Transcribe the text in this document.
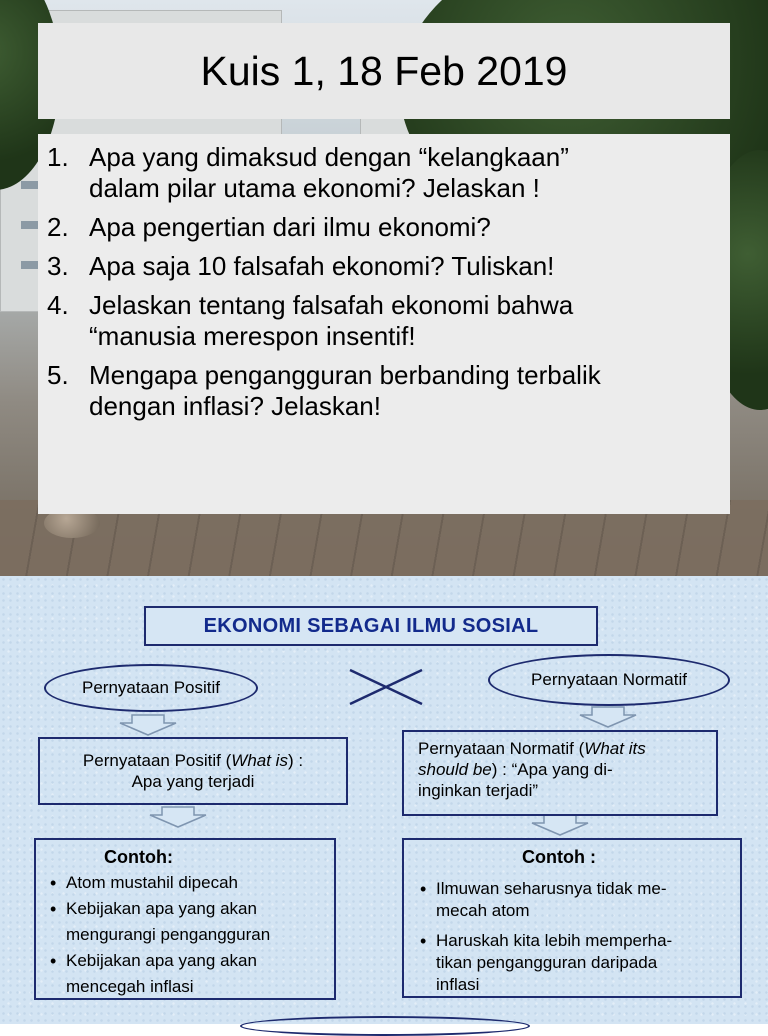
Kuis 1, 18 Feb 2019
1. Apa yang dimaksud dengan “kelangkaan”
dalam pilar utama ekonomi? Jelaskan !
2. Apa pengertian dari ilmu ekonomi?
3. Apa saja 10 falsafah ekonomi? Tuliskan!
4. Jelaskan tentang falsafah ekonomi bahwa
“manusia merespon insentif!
5. Mengapa pengangguran berbanding terbalik
dengan inflasi? Jelaskan!
EKONOMI SEBAGAI ILMU SOSIAL
Pernyataan Positif	Pernyataan Normatif
Pernyataan Positif (What is) :
Apa yang terjadi
Pernyataan Normatif (What its
should be) : “Apa yang di-
inginkan terjadi”
Contoh:
• Atom mustahil dipecah
• Kebijakan apa yang akan
mengurangi pengangguran
• Kebijakan apa yang akan
mencegah inflasi
Contoh :
• Ilmuwan seharusnya tidak me-
mecah atom
• Haruskah kita lebih memperha-
tikan pengangguran daripada
inflasi
